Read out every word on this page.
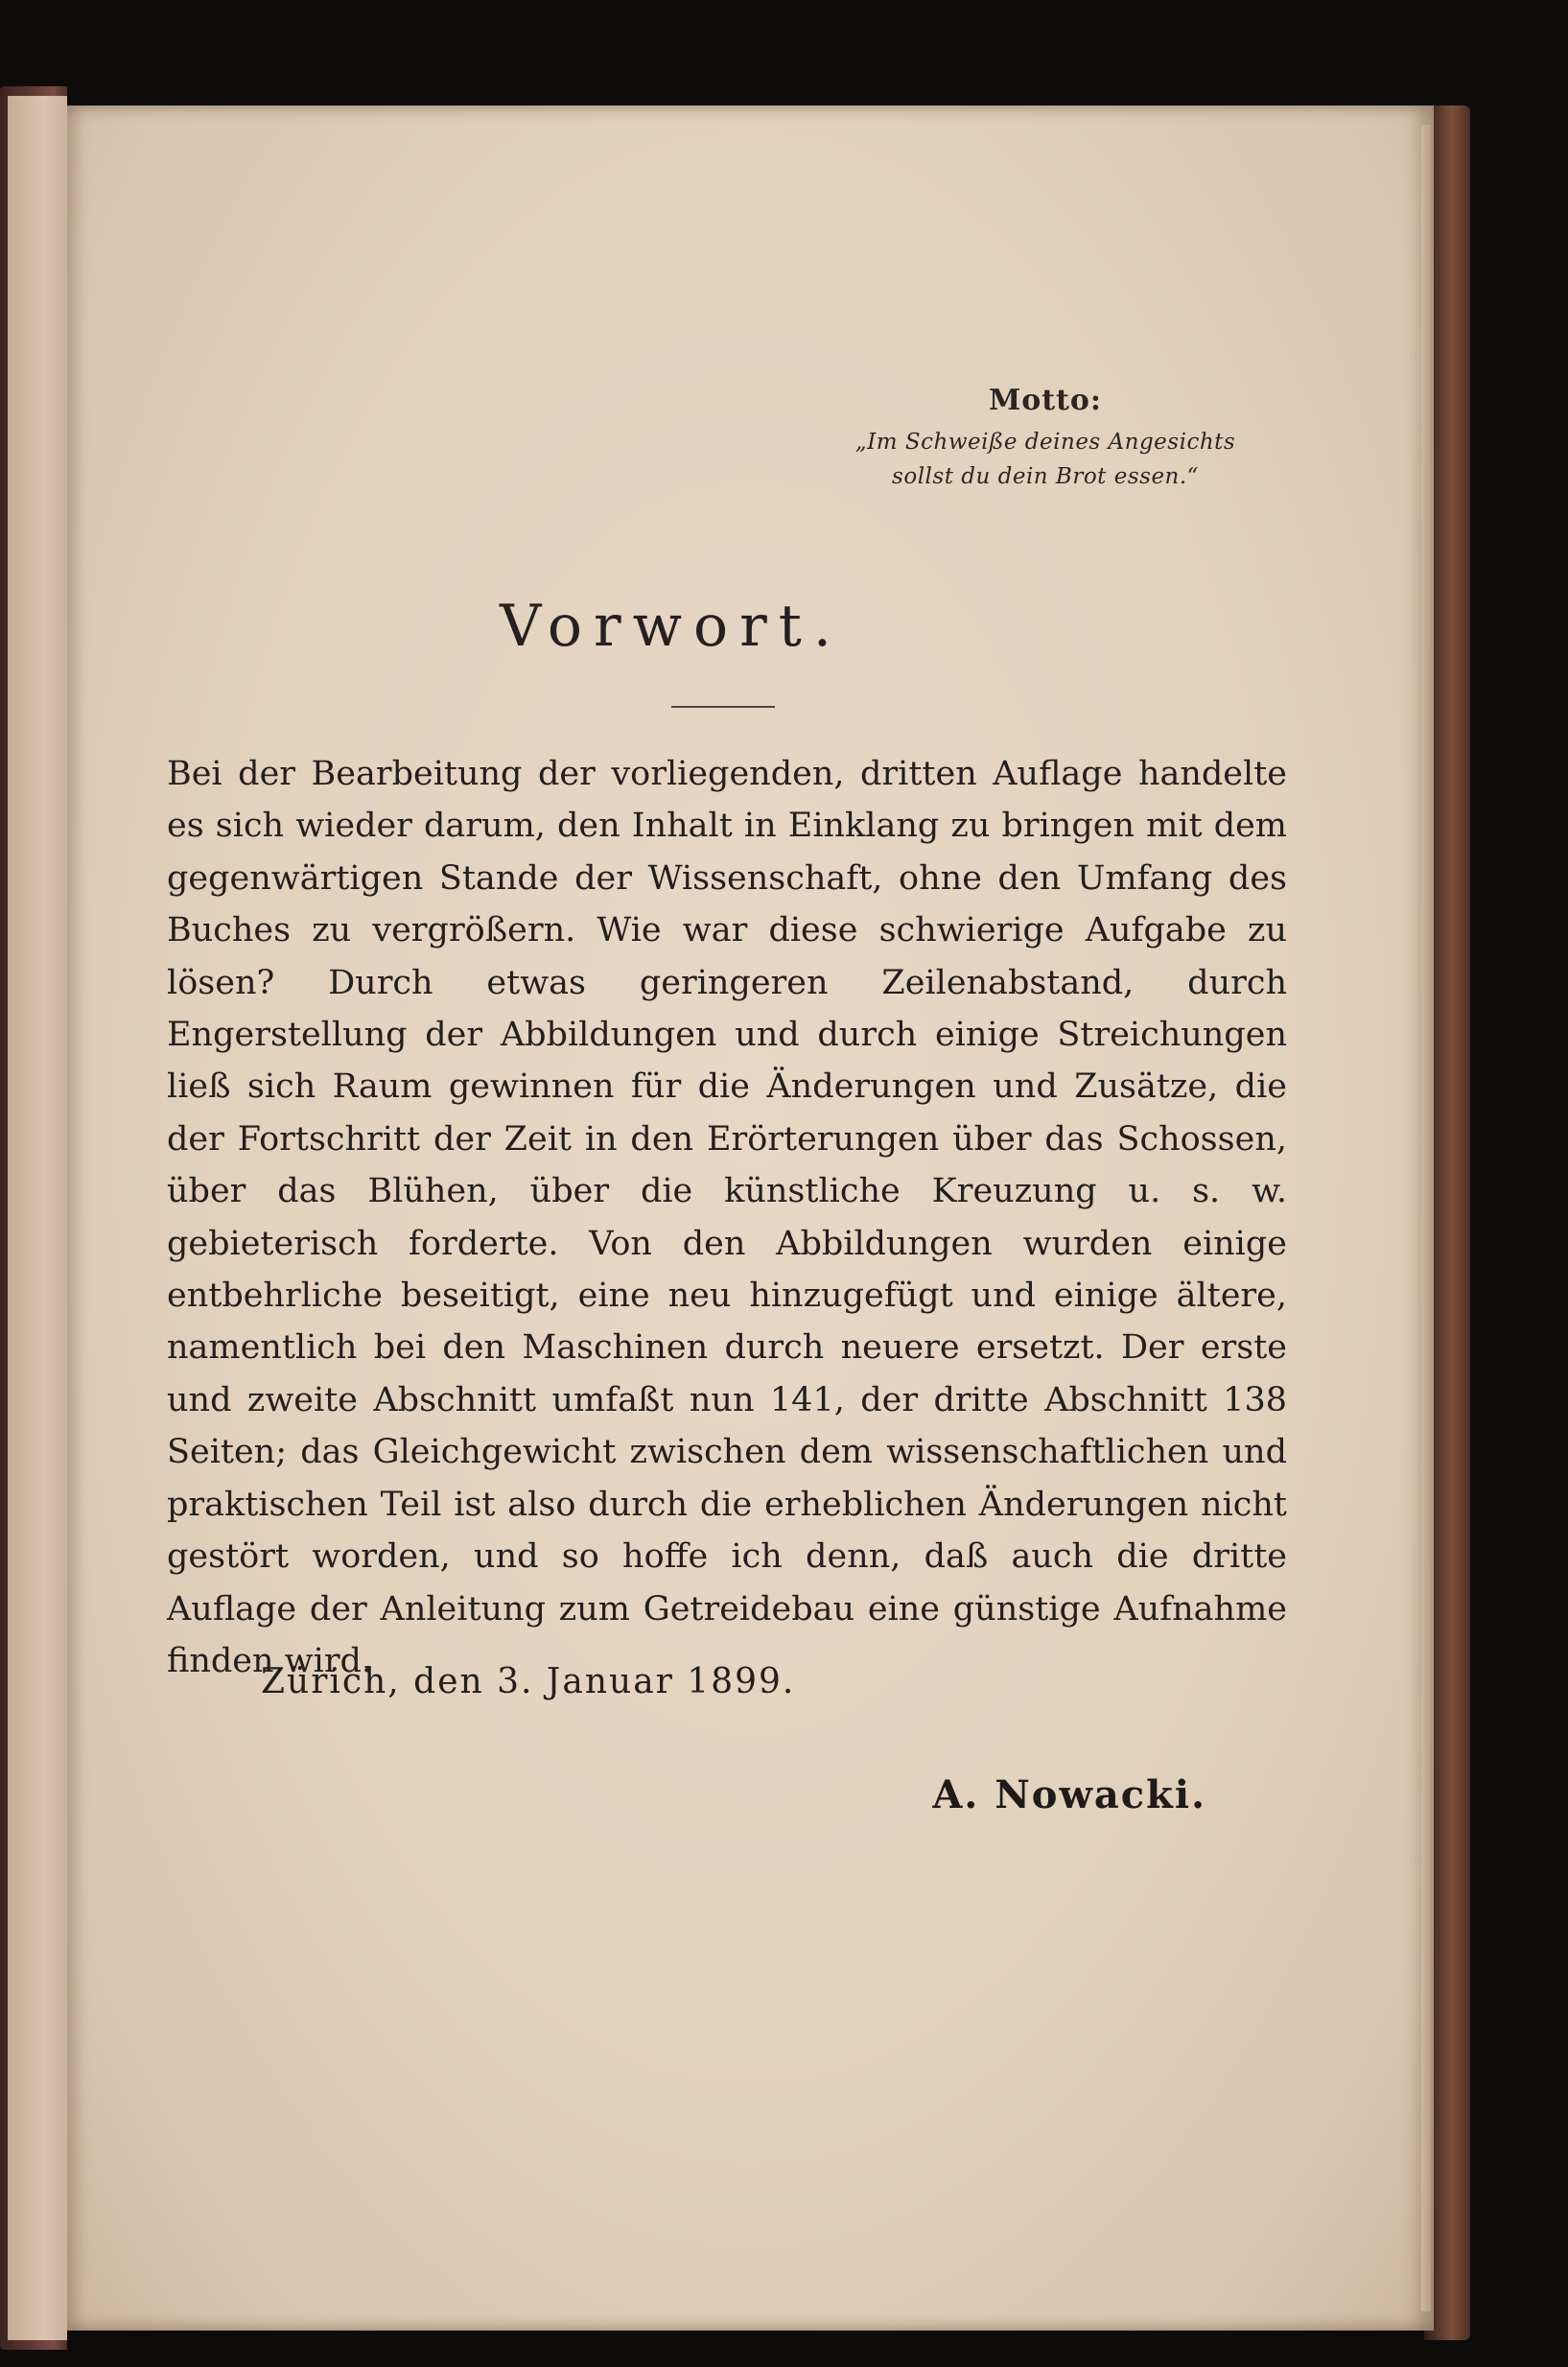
Motto:
„Im Schweiße deines Angesichts
sollst du dein Brot essen.“
Vorwort.

Bei der Bearbeitung der vorliegenden, dritten Auflage handelte es sich wieder darum, den Inhalt in Einklang zu bringen mit dem gegenwärtigen Stande der Wissenschaft, ohne den Umfang des Buches zu vergrößern. Wie war diese schwierige Aufgabe zu lösen? Durch etwas geringeren Zeilenabstand, durch Engerstellung der Abbildungen und durch einige Streichungen ließ sich Raum gewinnen für die Änderungen und Zusätze, die der Fortschritt der Zeit in den Erörterungen über das Schossen, über das Blühen, über die künstliche Kreuzung u. s. w. gebieterisch forderte. Von den Abbildungen wurden einige entbehrliche beseitigt, eine neu hinzugefügt und einige ältere, namentlich bei den Maschinen durch neuere ersetzt. Der erste und zweite Abschnitt umfaßt nun 141, der dritte Abschnitt 138 Seiten; das Gleichgewicht zwischen dem wissenschaftlichen und praktischen Teil ist also durch die erheblichen Änderungen nicht gestört worden, und so hoffe ich denn, daß auch die dritte Auflage der Anleitung zum Getreidebau eine günstige Aufnahme finden wird.

Zürich, den 3. Januar 1899.

A. Nowacki.
